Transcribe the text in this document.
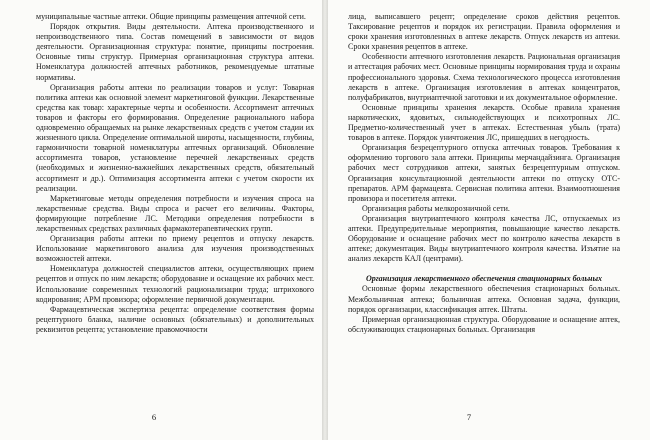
муниципальные частные аптеки. Общие принципы размещения аптечной сети.

Порядок открытия. Виды деятельности. Аптека производственного и непроизводственного типа. Состав помещений в зависимости от видов деятельности. Организационная структура: понятие, принципы построения. Основные типы структур. Примерная организационная структура аптеки. Номенклатура должностей аптечных работников, рекомендуемые штатные нормативы.

Организация работы аптеки по реализации товаров и услуг: Товарная политика аптеки как основной элемент маркетинговой функции. Лекарственные средства как товар: характерные черты и особенности. Ассортимент аптечных товаров и факторы его формирования. Определение рационального набора одновременно обращаемых на рынке лекарственных средств с учетом стадии их жизненного цикла. Определение оптимальной широты, насыщенности, глубины, гармоничности товарной номенклатуры аптечных организаций. Обновление ассортимента товаров, установление перечней лекарственных средств (необходимых и жизненно-важнейших лекарственных средств, обязательный ассортимент и др.). Оптимизация ассортимента аптеки с учетом скорости их реализации.

Маркетинговые методы определения потребности и изучения спроса на лекарственные средства. Виды спроса и расчет его величины. Факторы, формирующие потребление ЛС. Методики определения потребности в лекарственных средствах различных фармакотерапевтических групп.

Организация работы аптеки по приему рецептов и отпуску лекарств. Использование маркетингового анализа для изучения производственных возможностей аптеки.

Номенклатура должностей специалистов аптеки, осуществляющих прием рецептов и отпуск по ним лекарств; оборудование и оснащение их рабочих мест. Использование современных технологий рационализации труда; штрихового кодирования; АРМ провизора; оформление первичной документации.

Фармацевтическая экспертиза рецепта: определение соответствия формы рецептурного бланка, наличие основных (обязательных) и дополнительных реквизитов рецепта; установление правомочности

6

лица, выписавшего рецепт; определение сроков действия рецептов. Таксирование рецептов и порядок их регистрации. Правила оформления и сроки хранения изготовленных в аптеке лекарств. Отпуск лекарств из аптеки. Сроки хранения рецептов в аптеке.

Особенности аптечного изготовления лекарств. Рациональная организация и аттестация рабочих мест. Основные принципы нормирования труда и охраны профессионального здоровья. Схема технологического процесса изготовления лекарств в аптеке. Организация изготовления в аптеках концентратов, полуфабрикатов, внутриаптечной заготовки и их документальное оформление.

Основные принципы хранения лекарств. Особые правила хранения наркотических, ядовитых, сильнодействующих и психотропных ЛС. Предметно-количественный учет в аптеках. Естественная убыль (трата) товаров в аптеке. Порядок уничтожения ЛС, пришедших в негодность.

Организация безрецептурного отпуска аптечных товаров. Требования к оформлению торгового зала аптеки. Принципы мерчандайзинга. Организация рабочих мест сотрудников аптеки, занятых безрецептурным отпуском. Организация консультационной деятельности аптеки по отпуску ОТС-препаратов. АРМ фармацевта. Сервисная политика аптеки. Взаимоотношения провизора и посетителя аптеки.

Организация работы мелкорозничной сети.

Организация внутриаптечного контроля качества ЛС, отпускаемых из аптеки. Предупредительные мероприятия, повышающие качество лекарств. Оборудование и оснащение рабочих мест по контролю качества лекарств в аптеке; документация. Виды внутриаптечного контроля качества. Изъятие на анализ лекарств КАЛ (центрами).

Организация лекарственного обеспечения стационарных больных

Основные формы лекарственного обеспечения стационарных больных. Межбольничная аптека; больничная аптека. Основная задача, функции, порядок организации, классификация аптек. Штаты.

Примерная организационная структура. Оборудование и оснащение аптек, обслуживающих стационарных больных. Организация

7
